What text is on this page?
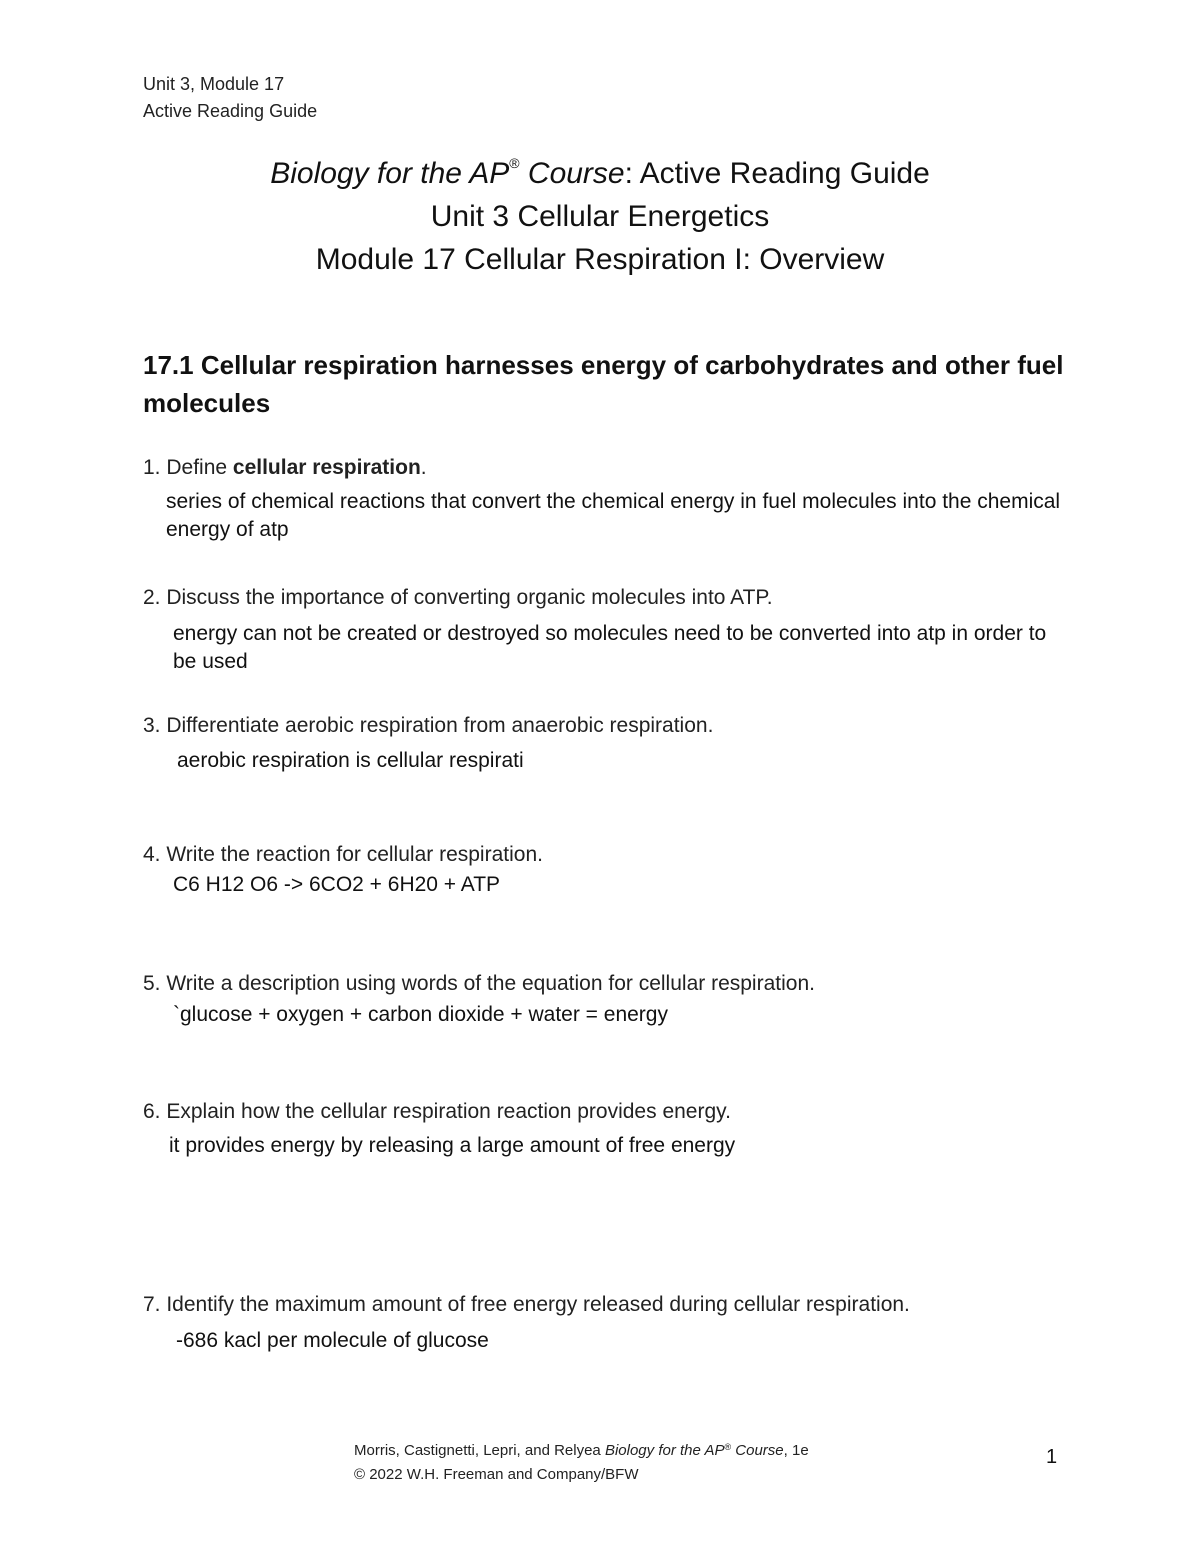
Unit 3, Module 17
Active Reading Guide
Biology for the AP® Course: Active Reading Guide
Unit 3 Cellular Energetics
Module 17 Cellular Respiration I: Overview
17.1 Cellular respiration harnesses energy of carbohydrates and other fuel molecules
1. Define cellular respiration.
series of chemical reactions that convert the chemical energy in fuel molecules into the chemical energy of atp
2. Discuss the importance of converting organic molecules into ATP.
energy can not be created or destroyed so molecules need to be converted into atp in order to be used
3. Differentiate aerobic respiration from anaerobic respiration.
aerobic respiration is cellular respirati
4. Write the reaction for cellular respiration.
C6 H12 O6 -> 6CO2 + 6H20 + ATP
5. Write a description using words of the equation for cellular respiration.
`glucose + oxygen + carbon dioxide + water = energy
6. Explain how the cellular respiration reaction provides energy.
it provides energy by releasing a large amount of free energy
7. Identify the maximum amount of free energy released during cellular respiration.
-686 kacl per molecule of glucose
Morris, Castignetti, Lepri, and Relyea Biology for the AP® Course, 1e
© 2022 W.H. Freeman and Company/BFW
1
